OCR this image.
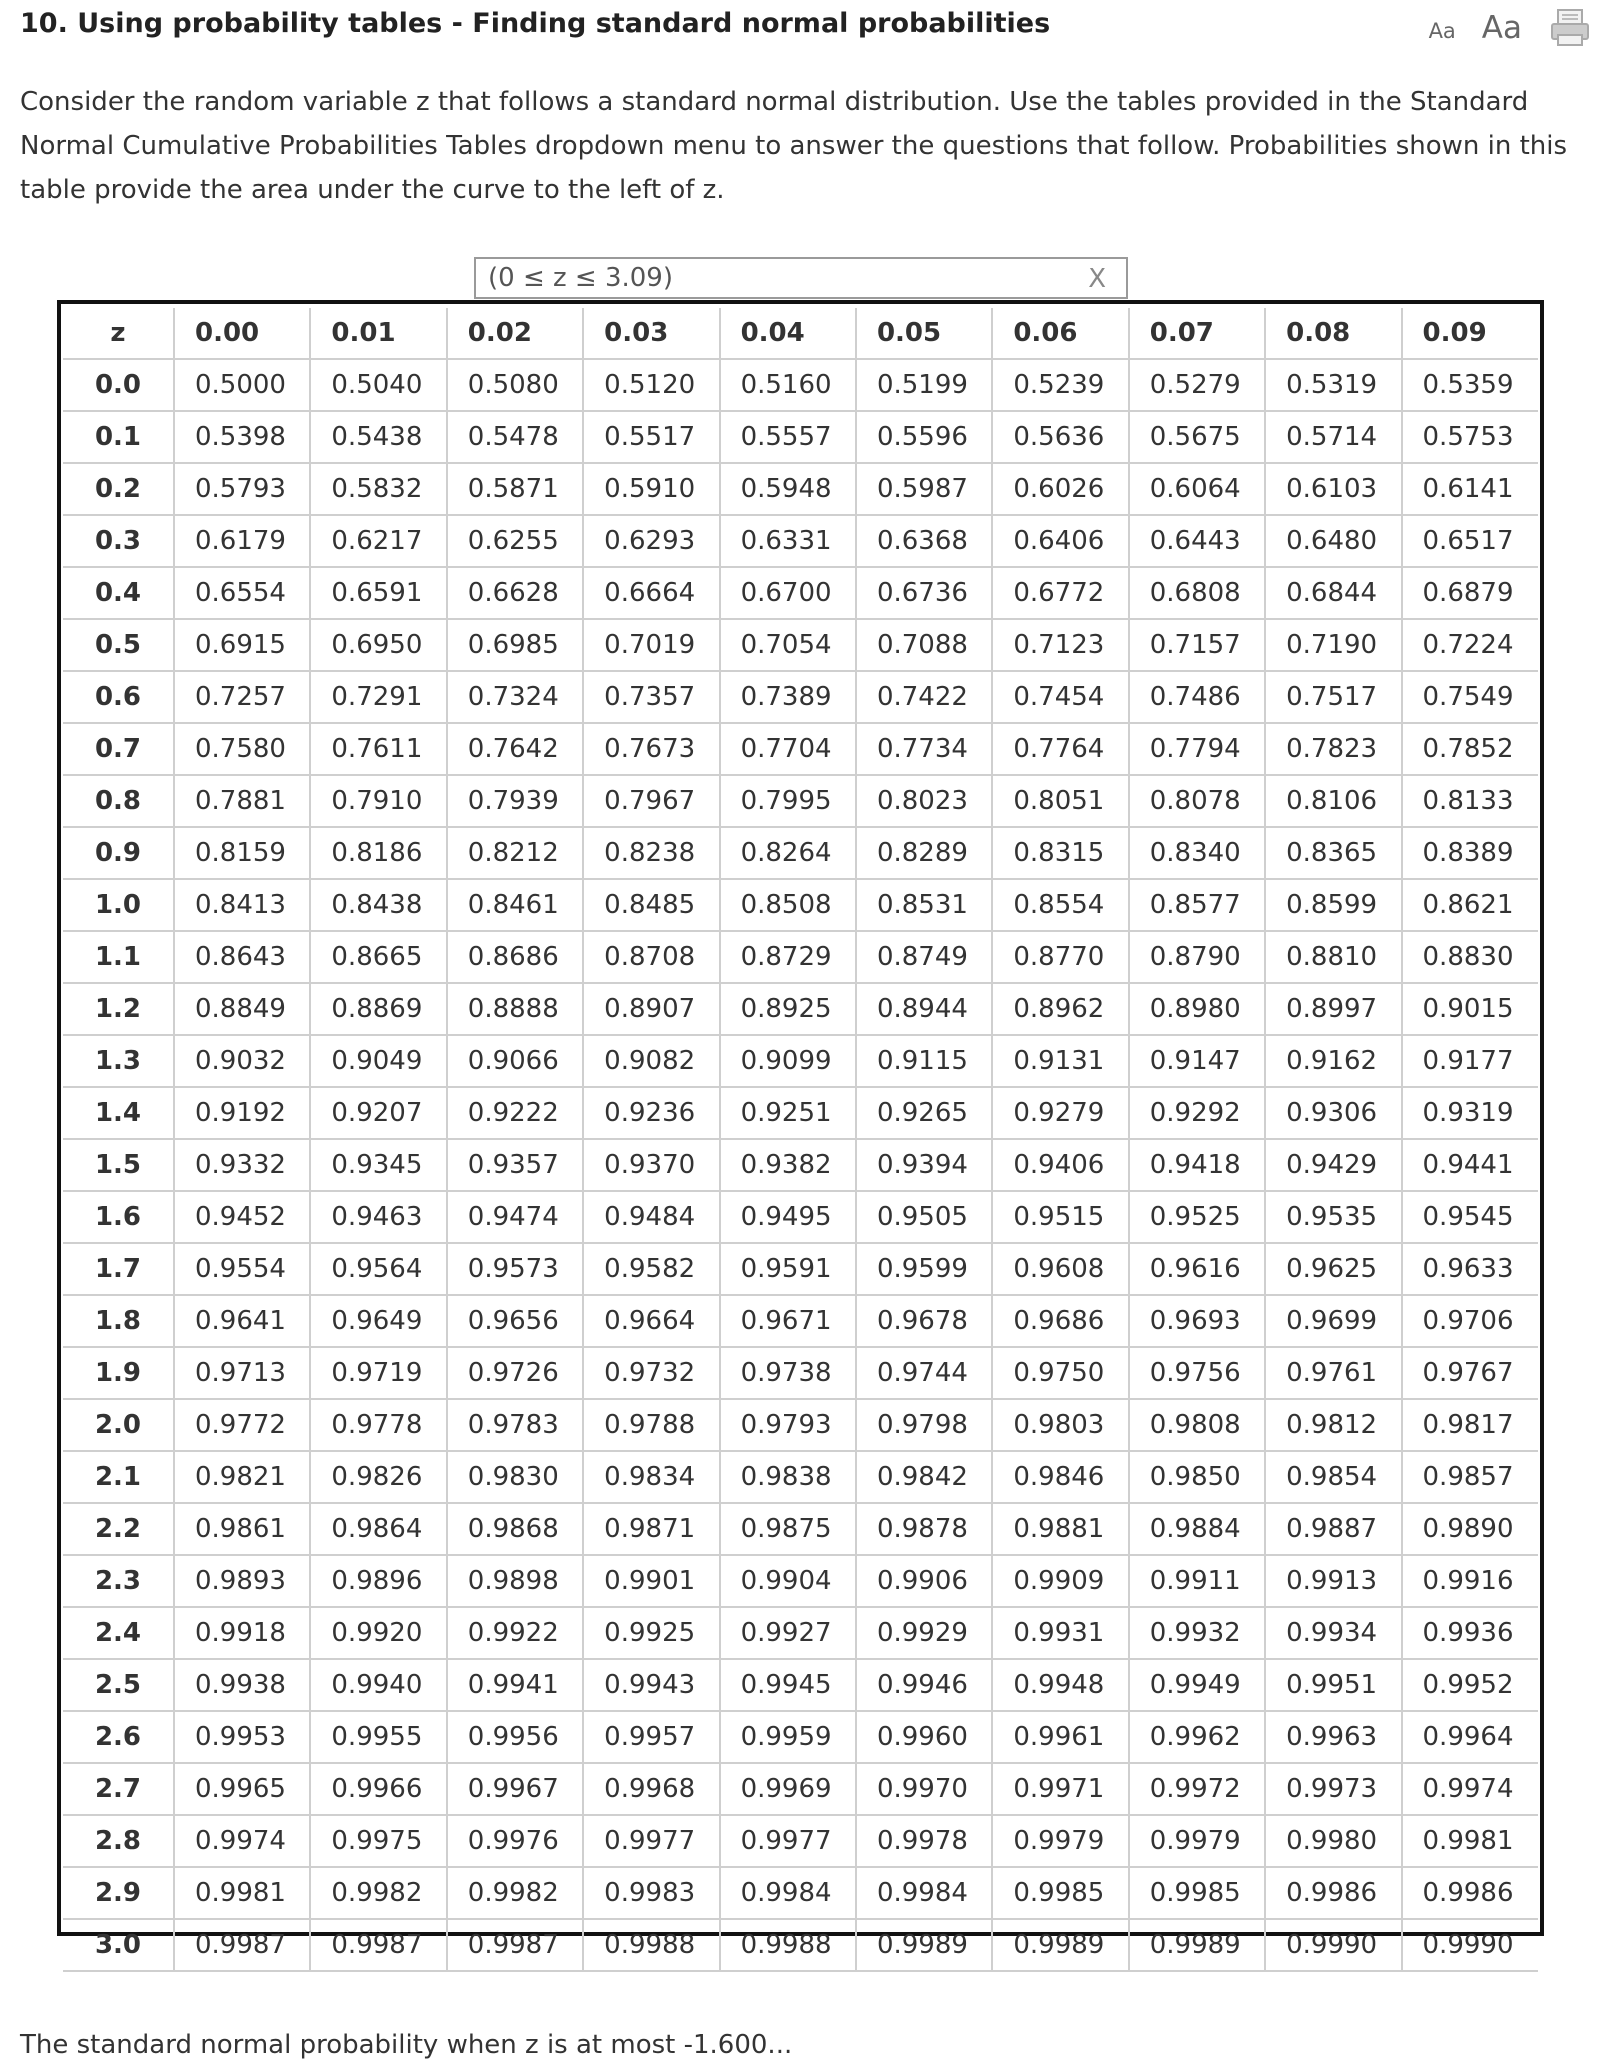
10. Using probability tables - Finding standard normal probabilities	Aa Aa
Consider the random variable z that follows a standard normal distribution. Use the tables provided in the Standard Normal Cumulative Probabilities Tables dropdown menu to answer the questions that follow. Probabilities shown in this table provide the area under the curve to the left of z.
(0 ≤ z ≤ 3.09)	X
z	0.00	0.01	0.02	0.03	0.04	0.05	0.06	0.07	0.08	0.09
0.0	0.5000	0.5040	0.5080	0.5120	0.5160	0.5199	0.5239	0.5279	0.5319	0.5359
0.1	0.5398	0.5438	0.5478	0.5517	0.5557	0.5596	0.5636	0.5675	0.5714	0.5753
0.2	0.5793	0.5832	0.5871	0.5910	0.5948	0.5987	0.6026	0.6064	0.6103	0.6141
0.3	0.6179	0.6217	0.6255	0.6293	0.6331	0.6368	0.6406	0.6443	0.6480	0.6517
0.4	0.6554	0.6591	0.6628	0.6664	0.6700	0.6736	0.6772	0.6808	0.6844	0.6879
0.5	0.6915	0.6950	0.6985	0.7019	0.7054	0.7088	0.7123	0.7157	0.7190	0.7224
0.6	0.7257	0.7291	0.7324	0.7357	0.7389	0.7422	0.7454	0.7486	0.7517	0.7549
0.7	0.7580	0.7611	0.7642	0.7673	0.7704	0.7734	0.7764	0.7794	0.7823	0.7852
0.8	0.7881	0.7910	0.7939	0.7967	0.7995	0.8023	0.8051	0.8078	0.8106	0.8133
0.9	0.8159	0.8186	0.8212	0.8238	0.8264	0.8289	0.8315	0.8340	0.8365	0.8389
1.0	0.8413	0.8438	0.8461	0.8485	0.8508	0.8531	0.8554	0.8577	0.8599	0.8621
1.1	0.8643	0.8665	0.8686	0.8708	0.8729	0.8749	0.8770	0.8790	0.8810	0.8830
1.2	0.8849	0.8869	0.8888	0.8907	0.8925	0.8944	0.8962	0.8980	0.8997	0.9015
1.3	0.9032	0.9049	0.9066	0.9082	0.9099	0.9115	0.9131	0.9147	0.9162	0.9177
1.4	0.9192	0.9207	0.9222	0.9236	0.9251	0.9265	0.9279	0.9292	0.9306	0.9319
1.5	0.9332	0.9345	0.9357	0.9370	0.9382	0.9394	0.9406	0.9418	0.9429	0.9441
1.6	0.9452	0.9463	0.9474	0.9484	0.9495	0.9505	0.9515	0.9525	0.9535	0.9545
1.7	0.9554	0.9564	0.9573	0.9582	0.9591	0.9599	0.9608	0.9616	0.9625	0.9633
1.8	0.9641	0.9649	0.9656	0.9664	0.9671	0.9678	0.9686	0.9693	0.9699	0.9706
1.9	0.9713	0.9719	0.9726	0.9732	0.9738	0.9744	0.9750	0.9756	0.9761	0.9767
2.0	0.9772	0.9778	0.9783	0.9788	0.9793	0.9798	0.9803	0.9808	0.9812	0.9817
2.1	0.9821	0.9826	0.9830	0.9834	0.9838	0.9842	0.9846	0.9850	0.9854	0.9857
2.2	0.9861	0.9864	0.9868	0.9871	0.9875	0.9878	0.9881	0.9884	0.9887	0.9890
2.3	0.9893	0.9896	0.9898	0.9901	0.9904	0.9906	0.9909	0.9911	0.9913	0.9916
2.4	0.9918	0.9920	0.9922	0.9925	0.9927	0.9929	0.9931	0.9932	0.9934	0.9936
2.5	0.9938	0.9940	0.9941	0.9943	0.9945	0.9946	0.9948	0.9949	0.9951	0.9952
2.6	0.9953	0.9955	0.9956	0.9957	0.9959	0.9960	0.9961	0.9962	0.9963	0.9964
2.7	0.9965	0.9966	0.9967	0.9968	0.9969	0.9970	0.9971	0.9972	0.9973	0.9974
2.8	0.9974	0.9975	0.9976	0.9977	0.9977	0.9978	0.9979	0.9979	0.9980	0.9981
2.9	0.9981	0.9982	0.9982	0.9983	0.9984	0.9984	0.9985	0.9985	0.9986	0.9986
3.0	0.9987	0.9987	0.9987	0.9988	0.9988	0.9989	0.9989	0.9989	0.9990	0.9990
The standard normal probability when z is at most -1.600...
